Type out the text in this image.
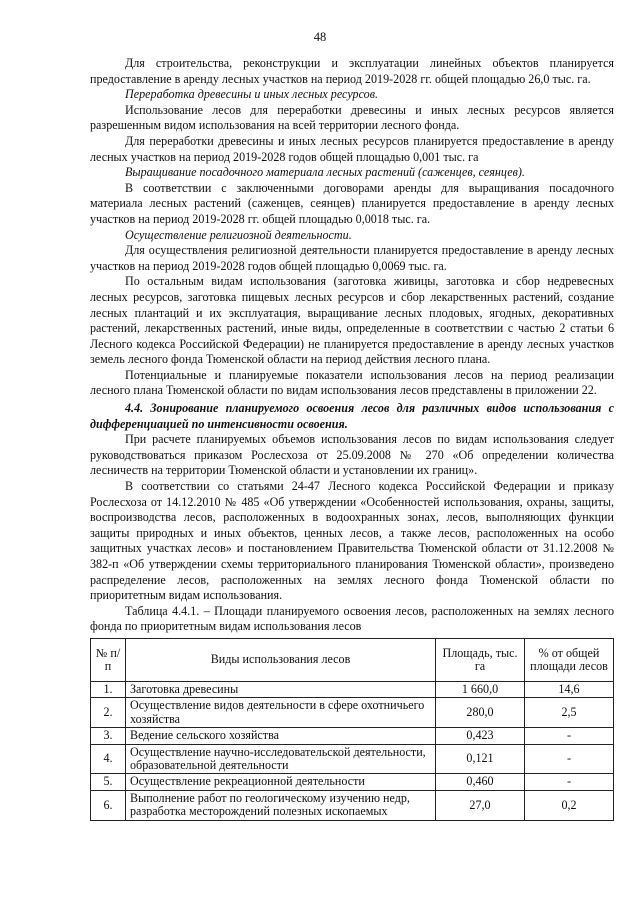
48

Для строительства, реконструкции и эксплуатации линейных объектов планируется предоставление в аренду лесных участков на период 2019-2028 гг. общей площадью 26,0 тыс. га.

Переработка древесины и иных лесных ресурсов.

Использование лесов для переработки древесины и иных лесных ресурсов является разрешенным видом использования на всей территории лесного фонда.

Для переработки древесины и иных лесных ресурсов планируется предоставление в аренду лесных участков на период 2019-2028 годов общей площадью 0,001 тыс. га

Выращивание посадочного материала лесных растений (саженцев, сеянцев).

В соответствии с заключенными договорами аренды для выращивания посадочного материала лесных растений (саженцев, сеянцев) планируется предоставление в аренду лесных участков на период 2019-2028 гг. общей площадью 0,0018 тыс. га.

Осуществление религиозной деятельности.

Для осуществления религиозной деятельности планируется предоставление в аренду лесных участков на период 2019-2028 годов общей площадью 0,0069 тыс. га.

По остальным видам использования (заготовка живицы, заготовка и сбор недревесных лесных ресурсов, заготовка пищевых лесных ресурсов и сбор лекарственных растений, создание лесных плантаций и их эксплуатация, выращивание лесных плодовых, ягодных, декоративных растений, лекарственных растений, иные виды, определенные в соответствии с частью 2 статьи 6 Лесного кодекса Российской Федерации) не планируется предоставление в аренду лесных участков земель лесного фонда Тюменской области на период действия лесного плана.

Потенциальные и планируемые показатели использования лесов на период реализации лесного плана Тюменской области по видам использования лесов представлены в приложении 22.

4.4. Зонирование планируемого освоения лесов для различных видов использования с дифференциацией по интенсивности освоения.

При расчете планируемых объемов использования лесов по видам использования следует руководствоваться приказом Рослесхоза от 25.09.2008 № 270 «Об определении количества лесничеств на территории Тюменской области и установлении их границ».

В соответствии со статьями 24-47 Лесного кодекса Российской Федерации и приказу Рослесхоза от 14.12.2010 № 485 «Об утверждении «Особенностей использования, охраны, защиты, воспроизводства лесов, расположенных в водоохранных зонах, лесов, выполняющих функции защиты природных и иных объектов, ценных лесов, а также лесов, расположенных на особо защитных участках лесов» и постановлением Правительства Тюменской области от 31.12.2008 № 382-п «Об утверждении схемы территориального планирования Тюменской области», произведено распределение лесов, расположенных на землях лесного фонда Тюменской области по приоритетным видам использования.

Таблица 4.4.1. – Площади планируемого освоения лесов, расположенных на землях лесного фонда по приоритетным видам использования лесов

№ п/п	Виды использования лесов	Площадь, тыс. га	% от общей площади лесов
1.	Заготовка древесины	1 660,0	14,6
2.	Осуществление видов деятельности в сфере охотничьего хозяйства	280,0	2,5
3.	Ведение сельского хозяйства	0,423	-
4.	Осуществление научно-исследовательской деятельности, образовательной деятельности	0,121	-
5.	Осуществление рекреационной деятельности	0,460	-
6.	Выполнение работ по геологическому изучению недр, разработка месторождений полезных ископаемых	27,0	0,2
